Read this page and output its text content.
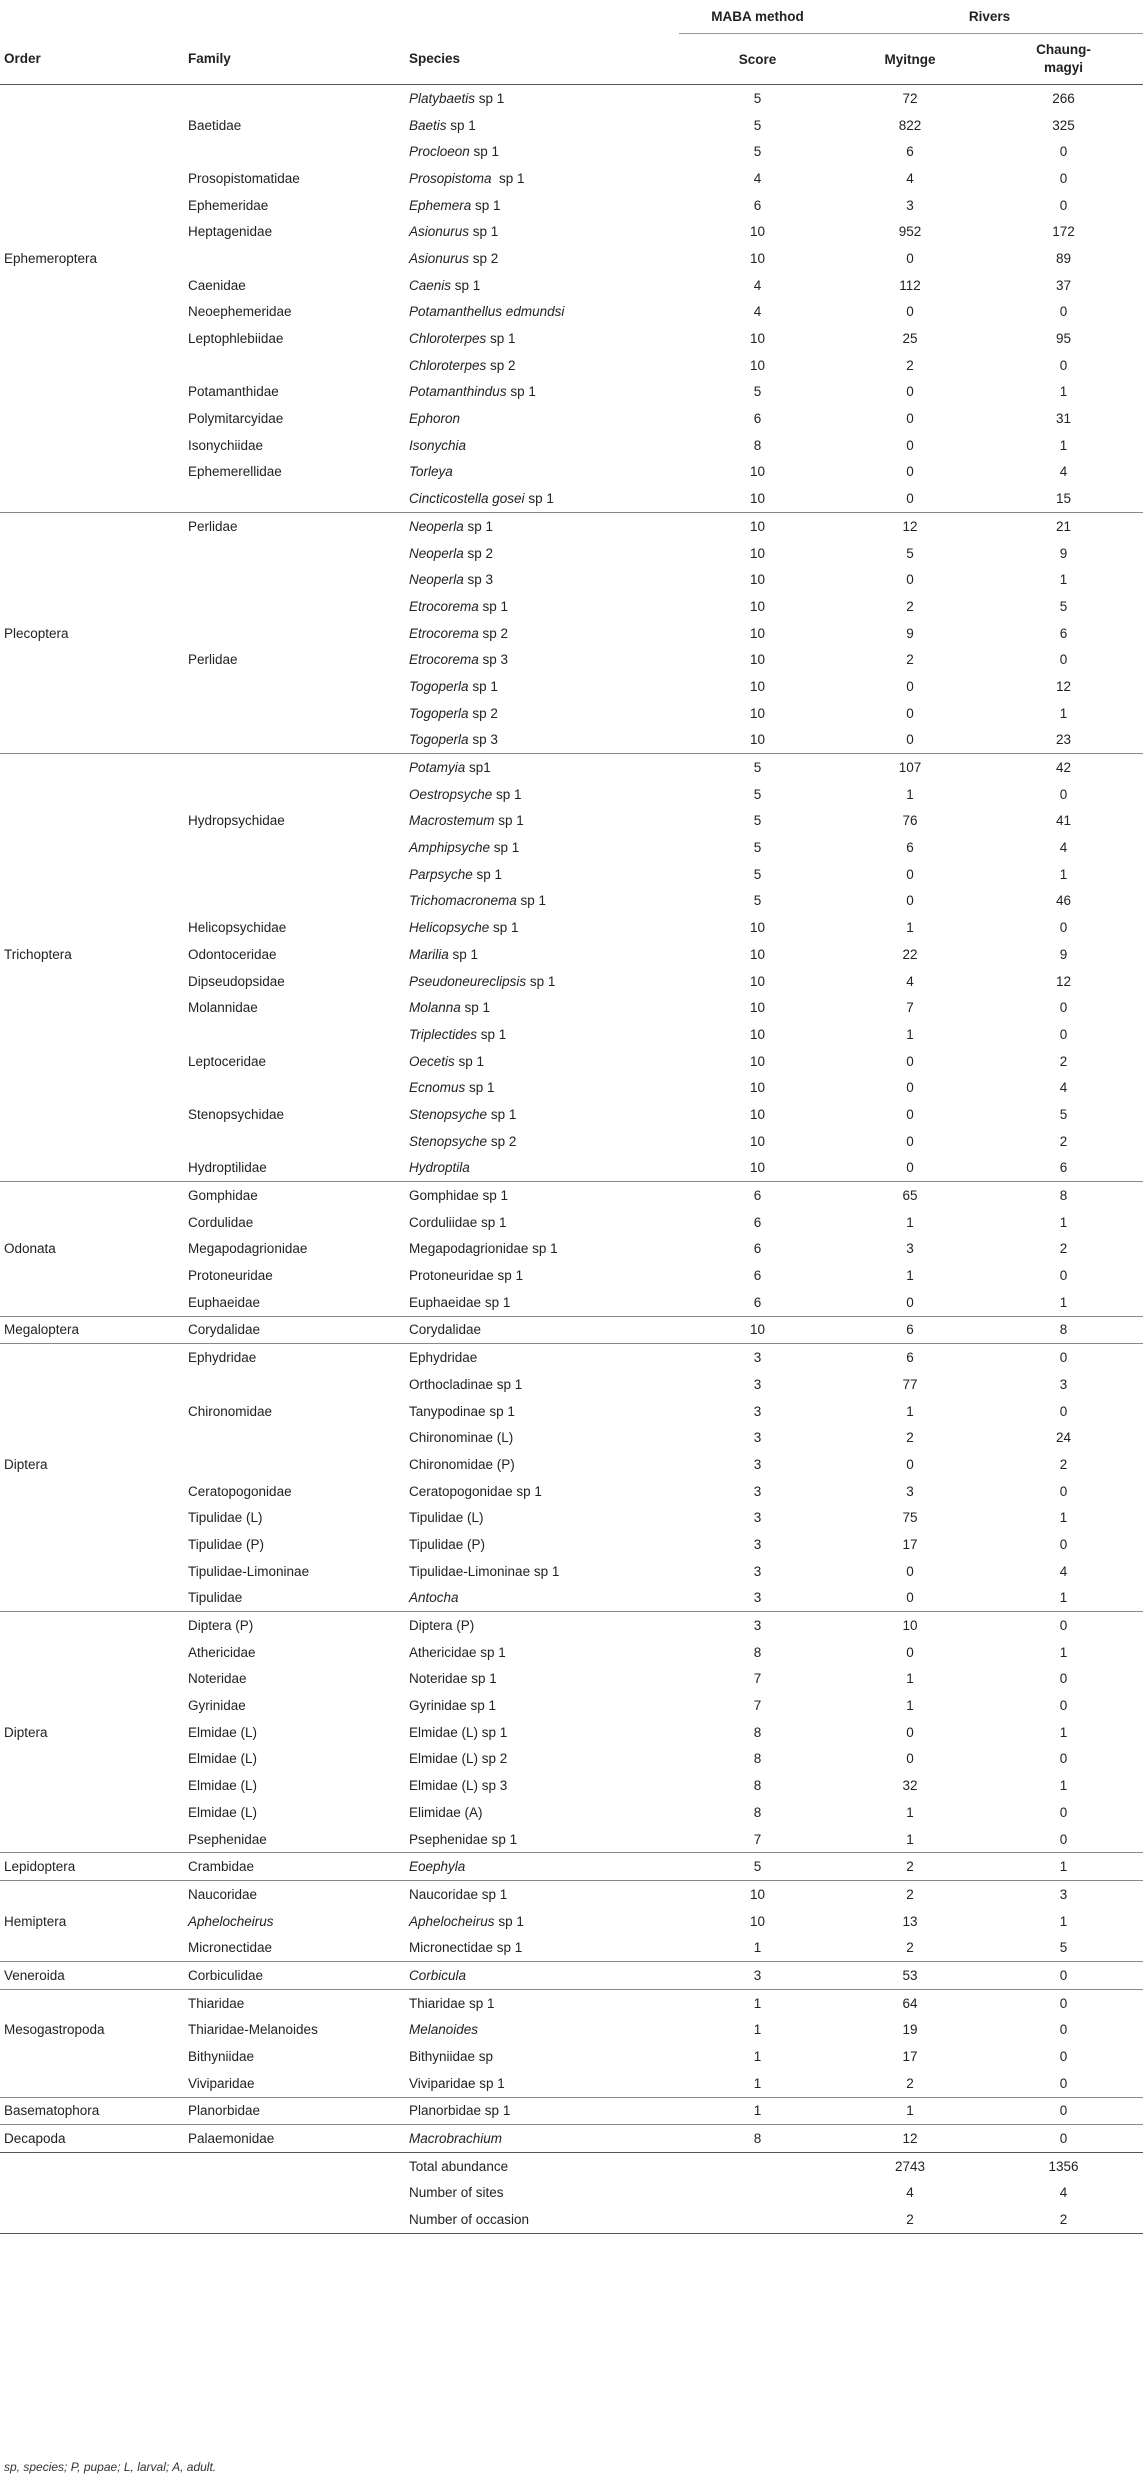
			MABA method	Rivers	
Order	Family	Species	Score	Myitnge	Chaung-
magyi
		Platybaetis sp 1	5	72	266
	Baetidae	Baetis sp 1	5	822	325
		Procloeon sp 1	5	6	0
	Prosopistomatidae	Prosopistoma  sp 1	4	4	0
	Ephemeridae	Ephemera sp 1	6	3	0
	Heptagenidae	Asionurus sp 1	10	952	172
Ephemeroptera		Asionurus sp 2	10	0	89
	Caenidae	Caenis sp 1	4	112	37
	Neoephemeridae	Potamanthellus edmundsi	4	0	0
	Leptophlebiidae	Chloroterpes sp 1	10	25	95
		Chloroterpes sp 2	10	2	0
	Potamanthidae	Potamanthindus sp 1	5	0	1
	Polymitarcyidae	Ephoron	6	0	31
	Isonychiidae	Isonychia	8	0	1
	Ephemerellidae	Torleya	10	0	4
		Cincticostella gosei sp 1	10	0	15
	Perlidae	Neoperla sp 1	10	12	21
		Neoperla sp 2	10	5	9
		Neoperla sp 3	10	0	1
		Etrocorema sp 1	10	2	5
Plecoptera		Etrocorema sp 2	10	9	6
	Perlidae	Etrocorema sp 3	10	2	0
		Togoperla sp 1	10	0	12
		Togoperla sp 2	10	0	1
		Togoperla sp 3	10	0	23
		Potamyia sp1	5	107	42
		Oestropsyche sp 1	5	1	0
	Hydropsychidae	Macrostemum sp 1	5	76	41
		Amphipsyche sp 1	5	6	4
		Parpsyche sp 1	5	0	1
		Trichomacronema sp 1	5	0	46
	Helicopsychidae	Helicopsyche sp 1	10	1	0
Trichoptera	Odontoceridae	Marilia sp 1	10	22	9
	Dipseudopsidae	Pseudoneureclipsis sp 1	10	4	12
	Molannidae	Molanna sp 1	10	7	0
		Triplectides sp 1	10	1	0
	Leptoceridae	Oecetis sp 1	10	0	2
		Ecnomus sp 1	10	0	4
	Stenopsychidae	Stenopsyche sp 1	10	0	5
		Stenopsyche sp 2	10	0	2
	Hydroptilidae	Hydroptila	10	0	6
	Gomphidae	Gomphidae sp 1	6	65	8
	Cordulidae	Corduliidae sp 1	6	1	1
Odonata	Megapodagrionidae	Megapodagrionidae sp 1	6	3	2
	Protoneuridae	Protoneuridae sp 1	6	1	0
	Euphaeidae	Euphaeidae sp 1	6	0	1
Megaloptera	Corydalidae	Corydalidae	10	6	8
	Ephydridae	Ephydridae	3	6	0
		Orthocladinae sp 1	3	77	3
	Chironomidae	Tanypodinae sp 1	3	1	0
		Chironominae (L)	3	2	24
Diptera		Chironomidae (P)	3	0	2
	Ceratopogonidae	Ceratopogonidae sp 1	3	3	0
	Tipulidae (L)	Tipulidae (L)	3	75	1
	Tipulidae (P)	Tipulidae (P)	3	17	0
	Tipulidae-Limoninae	Tipulidae-Limoninae sp 1	3	0	4
	Tipulidae	Antocha	3	0	1
	Diptera (P)	Diptera (P)	3	10	0
	Athericidae	Athericidae sp 1	8	0	1
	Noteridae	Noteridae sp 1	7	1	0
	Gyrinidae	Gyrinidae sp 1	7	1	0
Diptera	Elmidae (L)	Elmidae (L) sp 1	8	0	1
	Elmidae (L)	Elmidae (L) sp 2	8	0	0
	Elmidae (L)	Elmidae (L) sp 3	8	32	1
	Elmidae (L)	Elimidae (A)	8	1	0
	Psephenidae	Psephenidae sp 1	7	1	0
Lepidoptera	Crambidae	Eoephyla	5	2	1
	Naucoridae	Naucoridae sp 1	10	2	3
Hemiptera	Aphelocheirus	Aphelocheirus sp 1	10	13	1
	Micronectidae	Micronectidae sp 1	1	2	5
Veneroida	Corbiculidae	Corbicula	3	53	0
	Thiaridae	Thiaridae sp 1	1	64	0
Mesogastropoda	Thiaridae-Melanoides	Melanoides	1	19	0
	Bithyniidae	Bithyniidae sp	1	17	0
	Viviparidae	Viviparidae sp 1	1	2	0
Basematophora	Planorbidae	Planorbidae sp 1	1	1	0
Decapoda	Palaemonidae	Macrobrachium	8	12	0
		Total abundance		2743	1356
		Number of sites		4	4
		Number of occasion		2	2
sp, species; P, pupae; L, larval; A, adult.
